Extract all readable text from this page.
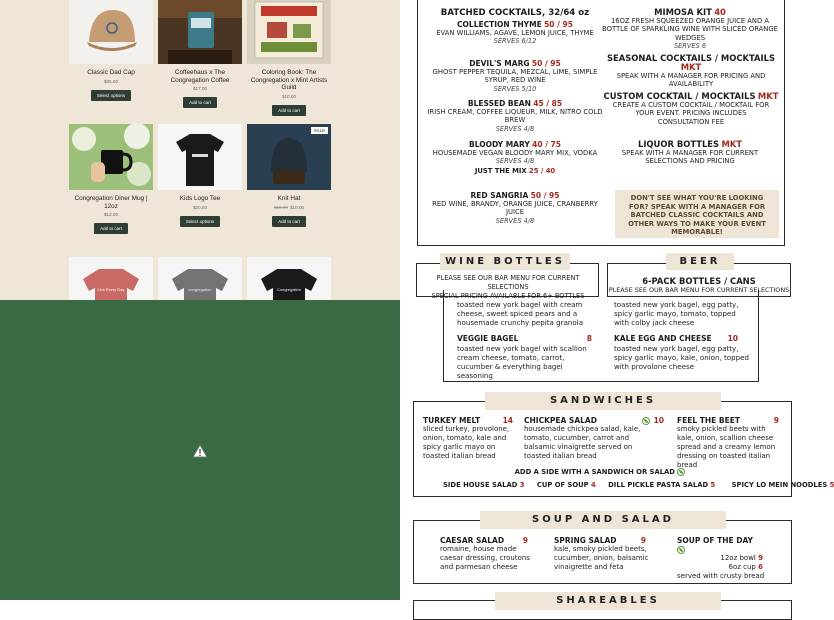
Classic Dad Cap
$35.00
Select options
Coffeehaus x The Congregation Coffee
$17.00
Add to cart
Coloring Book: The Congregation x Mint Artists Guild
$10.00
Add to cart
Congregation Diner Mug | 12oz
$12.00
Add to cart
Kids Logo Tee
$20.00
Select options
SALE
Knit Hat
$15.00 $10.00
Add to cart
Live Every Day	congregation	Congregation
BATCHED COCKTAILS, 32/64 oz
COLLECTION THYME 50 / 95
EVAN WILLIAMS, AGAVE, LEMON JUICE, THYME
SERVES 6/12
DEVIL'S MARG 50 / 95
GHOST PEPPER TEQUILA, MEZCAL, LIME, SIMPLE SYRUP, RED WINE
SERVES 5/10
BLESSED BEAN 45 / 85
IRISH CREAM, COFFEE LIQUEUR, MILK, NITRO COLD BREW
SERVES 4/8
BLOODY MARY 40 / 75
HOUSEMADE VEGAN BLOODY MARY MIX, VODKA
SERVES 4/8
JUST THE MIX 25 / 40
RED SANGRIA 50 / 95
RED WINE, BRANDY, ORANGE JUICE, CRANBERRY JUICE
SERVES 4/8
MIMOSA KIT 40
16OZ FRESH SQUEEZED ORANGE JUICE AND A BOTTLE OF SPARKLING WINE WITH SLICED ORANGE WEDGES
SERVES 6
SEASONAL COCKTAILS / MOCKTAILS MKT
SPEAK WITH A MANAGER FOR PRICING AND AVAILABILITY
CUSTOM COCKTAIL / MOCKTAILS MKT
CREATE A CUSTOM COCKTAIL / MOCKTAIL FOR YOUR EVENT. PRICING INCLUDES CONSULTATION FEE
LIQUOR BOTTLES MKT
SPEAK WITH A MANAGER FOR CURRENT SELECTIONS AND PRICING
DON'T SEE WHAT YOU'RE LOOKING FOR? SPEAK WITH A MANAGER FOR BATCHED CLASSIC COCKTAILS AND OTHER WAYS TO MAKE YOUR EVENT MEMORABLE!
WINE BOTTLES
PLEASE SEE OUR BAR MENU FOR CURRENT SELECTIONS
SPECIAL PRICING AVAILABLE FOR 6+ BOTTLES
BEER
6-PACK BOTTLES / CANS
PLEASE SEE OUR BAR MENU FOR CURRENT SELECTIONS
toasted new york bagel with cream cheese, sweet spiced pears and a housemade crunchy pepita granola
VEGGIE BAGEL	8
toasted new york bagel with scallion cream cheese, tomato, carrot, cucumber & everything bagel seasoning
toasted new york bagel, egg patty, spicy garlic mayo, tomato, topped with colby jack cheese
KALE EGG AND CHEESE 10
toasted new york bagel, egg patty, spicy garlic mayo, kale, onion, topped with provolone cheese
SANDWICHES
TURKEY MELT	14
sliced turkey, provolone, onion, tomato, kale and spicy garlic mayo on toasted italian bread
CHICKPEA SALAD	10
housemade chickpea salad, kale, tomato, cucumber, carrot and balsamic vinaigrette served on toasted italian bread
FEEL THE BEET	9
smoky pickled beets with kale, onion, scallion cheese spread and a creamy lemon dressing on toasted italian bread
ADD A SIDE WITH A SANDWICH OR SALAD
SIDE HOUSE SALAD 3 CUP OF SOUP 4 DILL PICKLE PASTA SALAD 5 SPICY LO MEIN NOODLES 5
SOUP AND SALAD
CAESAR SALAD 9
romaine, house made caesar dressing, croutons and parmesan cheese
SPRING SALAD	9
kale, smoky pickled beets, cucumber, onion, balsamic vinaigrette and feta
SOUP OF THE DAY
12oz bowl 9
6oz cup 6
served with crusty bread
SHAREABLES
